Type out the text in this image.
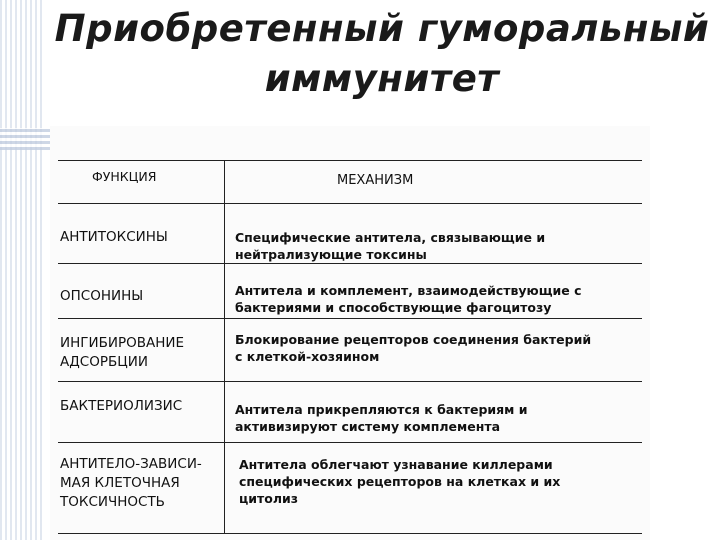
Приобретенный гуморальный
иммунитет
ФУНКЦИЯ	МЕХАНИЗМ

АНТИТОКСИНЫ	Специфические антитела, связывающие и
нейтрализующие токсины

ОПСОНИНЫ	Антитела и комплемент, взаимодействующие с
бактериями и способствующие фагоцитозу

ИНГИБИРОВАНИЕ
АДСОРБЦИИ	Блокирование рецепторов соединения бактерий
с клеткой-хозяином

БАКТЕРИОЛИЗИС	Антитела прикрепляются к бактериям и
активизируют систему комплемента

АНТИТЕЛО-ЗАВИСИ-
МАЯ КЛЕТОЧНАЯ
ТОКСИЧНОСТЬ	Антитела облегчают узнавание киллерами
специфических рецепторов на клетках и их
цитолиз
